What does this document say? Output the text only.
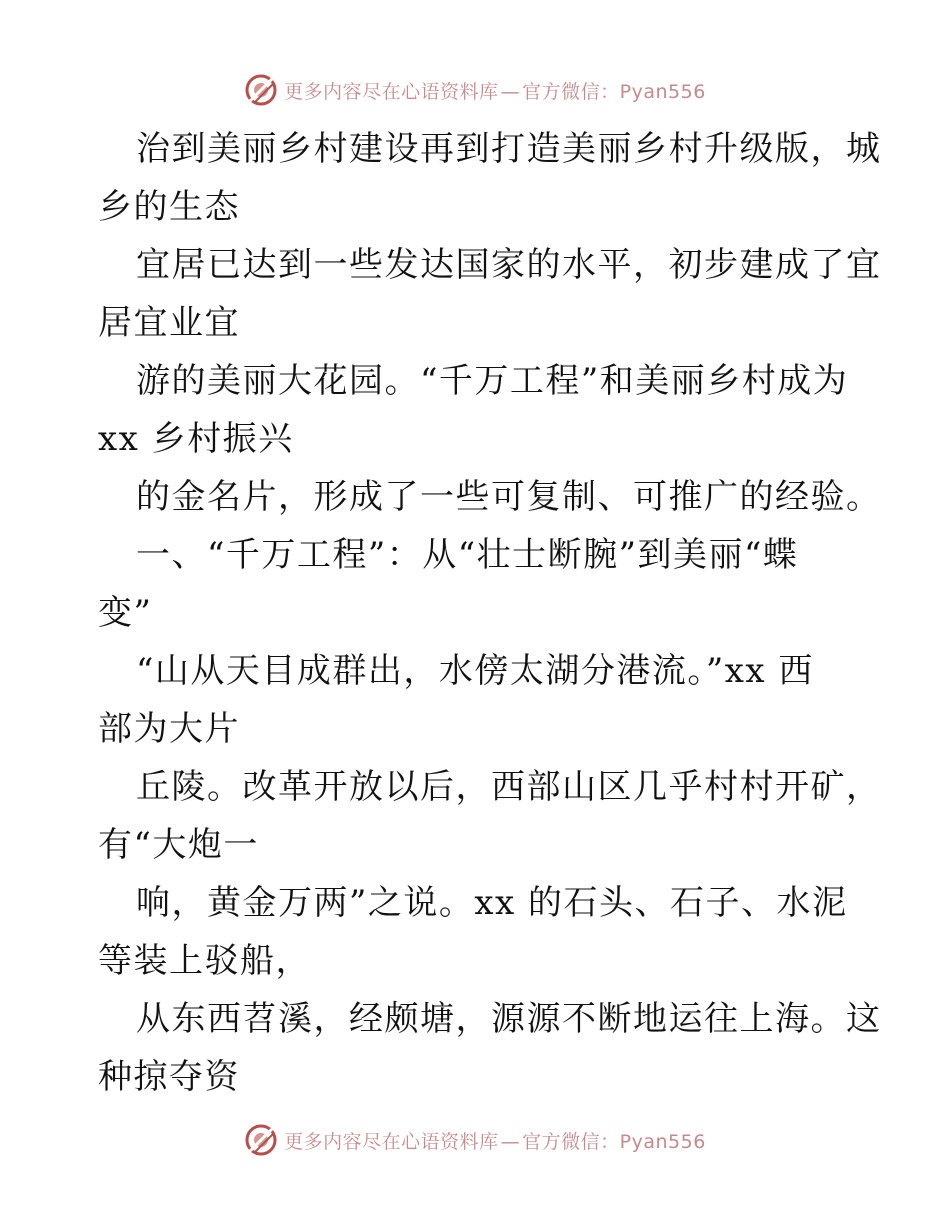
更多内容尽在心语资料库 — 官方微信：Pyan556
治到美丽乡村建设再到打造美丽乡村升级版，城
乡的生态
宜居已达到一些发达国家的水平，初步建成了宜
居宜业宜
游的美丽大花园。“千万工程”和美丽乡村成为
xx 乡村振兴
的金名片，形成了一些可复制、可推广的经验。
一、“千万工程”：从“壮士断腕”到美丽“蝶
变”
“山从天目成群出，水傍太湖分港流。”xx 西
部为大片
丘陵。改革开放以后，西部山区几乎村村开矿，
有“大炮一
响，黄金万两”之说。xx 的石头、石子、水泥
等装上驳船，
从东西苕溪，经颇塘，源源不断地运往上海。这
种掠夺资
更多内容尽在心语资料库 — 官方微信：Pyan556
